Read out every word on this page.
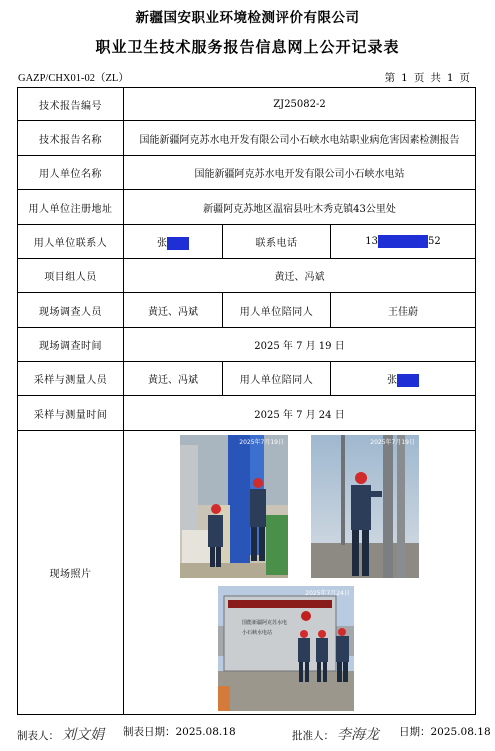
新疆国安职业环境检测评价有限公司
职业卫生技术服务报告信息网上公开记录表
GAZP/CHX01-02（ZL）	第 1 页 共 1 页
技术报告编号	ZJ25082-2		
技术报告名称	国能新疆阿克苏水电开发有限公司小石峡水电站职业病危害因素检测报告		
用人单位名称	国能新疆阿克苏水电开发有限公司小石峡水电站		
用人单位注册地址	新疆阿克苏地区温宿县吐木秀克镇43公里处		
用人单位联系人	张	联系电话	13 52
项目组人员	黄迁、冯斌		
现场调查人员	黄迁、冯斌	用人单位陪同人	王佳蔚
现场调查时间	2025 年 7 月 19 日		
采样与测量人员	黄迁、冯斌	用人单位陪同人	张
采样与测量时间	2025 年 7 月 24 日		
现场照片	2025年7月19日 2025年7月19日
国能新疆阿克苏水电
小石峡水电站
2025年7月24日		
制表人： 刘文娟 制表日期：2025.08.18	批准人： 李海龙 日期：2025.08.18
